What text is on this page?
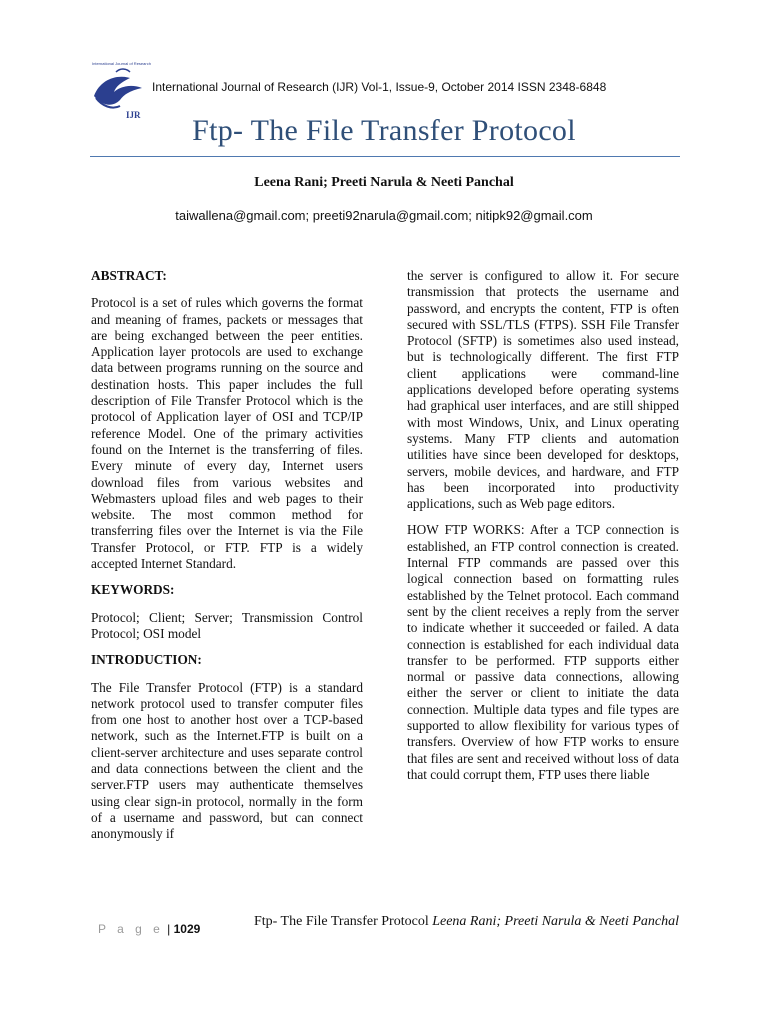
International Journal of Research
IJR
International Journal of Research (IJR) Vol-1, Issue-9, October 2014 ISSN 2348-6848
Ftp- The File Transfer Protocol
Leena Rani; Preeti Narula & Neeti Panchal
taiwallena@gmail.com; preeti92narula@gmail.com; nitipk92@gmail.com
ABSTRACT:

Protocol is a set of rules which governs the format and meaning of frames, packets or messages that are being exchanged between the peer entities. Application layer protocols are used to exchange data between programs running on the source and destination hosts. This paper includes the full description of File Transfer Protocol which is the protocol of Application layer of OSI and TCP/IP reference Model. One of the primary activities found on the Internet is the transferring of files. Every minute of every day, Internet users download files from various websites and Webmasters upload files and web pages to their website. The most common method for transferring files over the Internet is via the File Transfer Protocol, or FTP. FTP is a widely accepted Internet Standard.

KEYWORDS:

Protocol; Client; Server; Transmission Control Protocol; OSI model

INTRODUCTION:

The File Transfer Protocol (FTP) is a standard network protocol used to transfer computer files from one host to another host over a TCP-based network, such as the Internet.FTP is built on a client-server architecture and uses separate control and data connections between the client and the server.FTP users may authenticate themselves using clear sign-in protocol, normally in the form of a username and password, but can connect anonymously if

the server is configured to allow it. For secure transmission that protects the username and password, and encrypts the content, FTP is often secured with SSL/TLS (FTPS). SSH File Transfer Protocol (SFTP) is sometimes also used instead, but is technologically different. The first FTP client applications were command-line applications developed before operating systems had graphical user interfaces, and are still shipped with most Windows, Unix, and Linux operating systems. Many FTP clients and automation utilities have since been developed for desktops, servers, mobile devices, and hardware, and FTP has been incorporated into productivity applications, such as Web page editors.

HOW FTP WORKS: After a TCP connection is established, an FTP control connection is created. Internal FTP commands are passed over this logical connection based on formatting rules established by the Telnet protocol. Each command sent by the client receives a reply from the server to indicate whether it succeeded or failed. A data connection is established for each individual data transfer to be performed. FTP supports either normal or passive data connections, allowing either the server or client to initiate the data connection. Multiple data types and file types are supported to allow flexibility for various types of transfers. Overview of how FTP works to ensure that files are sent and received without loss of data that could corrupt them, FTP uses there liable

P a g e | 1029	Ftp- The File Transfer Protocol Leena Rani; Preeti Narula & Neeti Panchal
